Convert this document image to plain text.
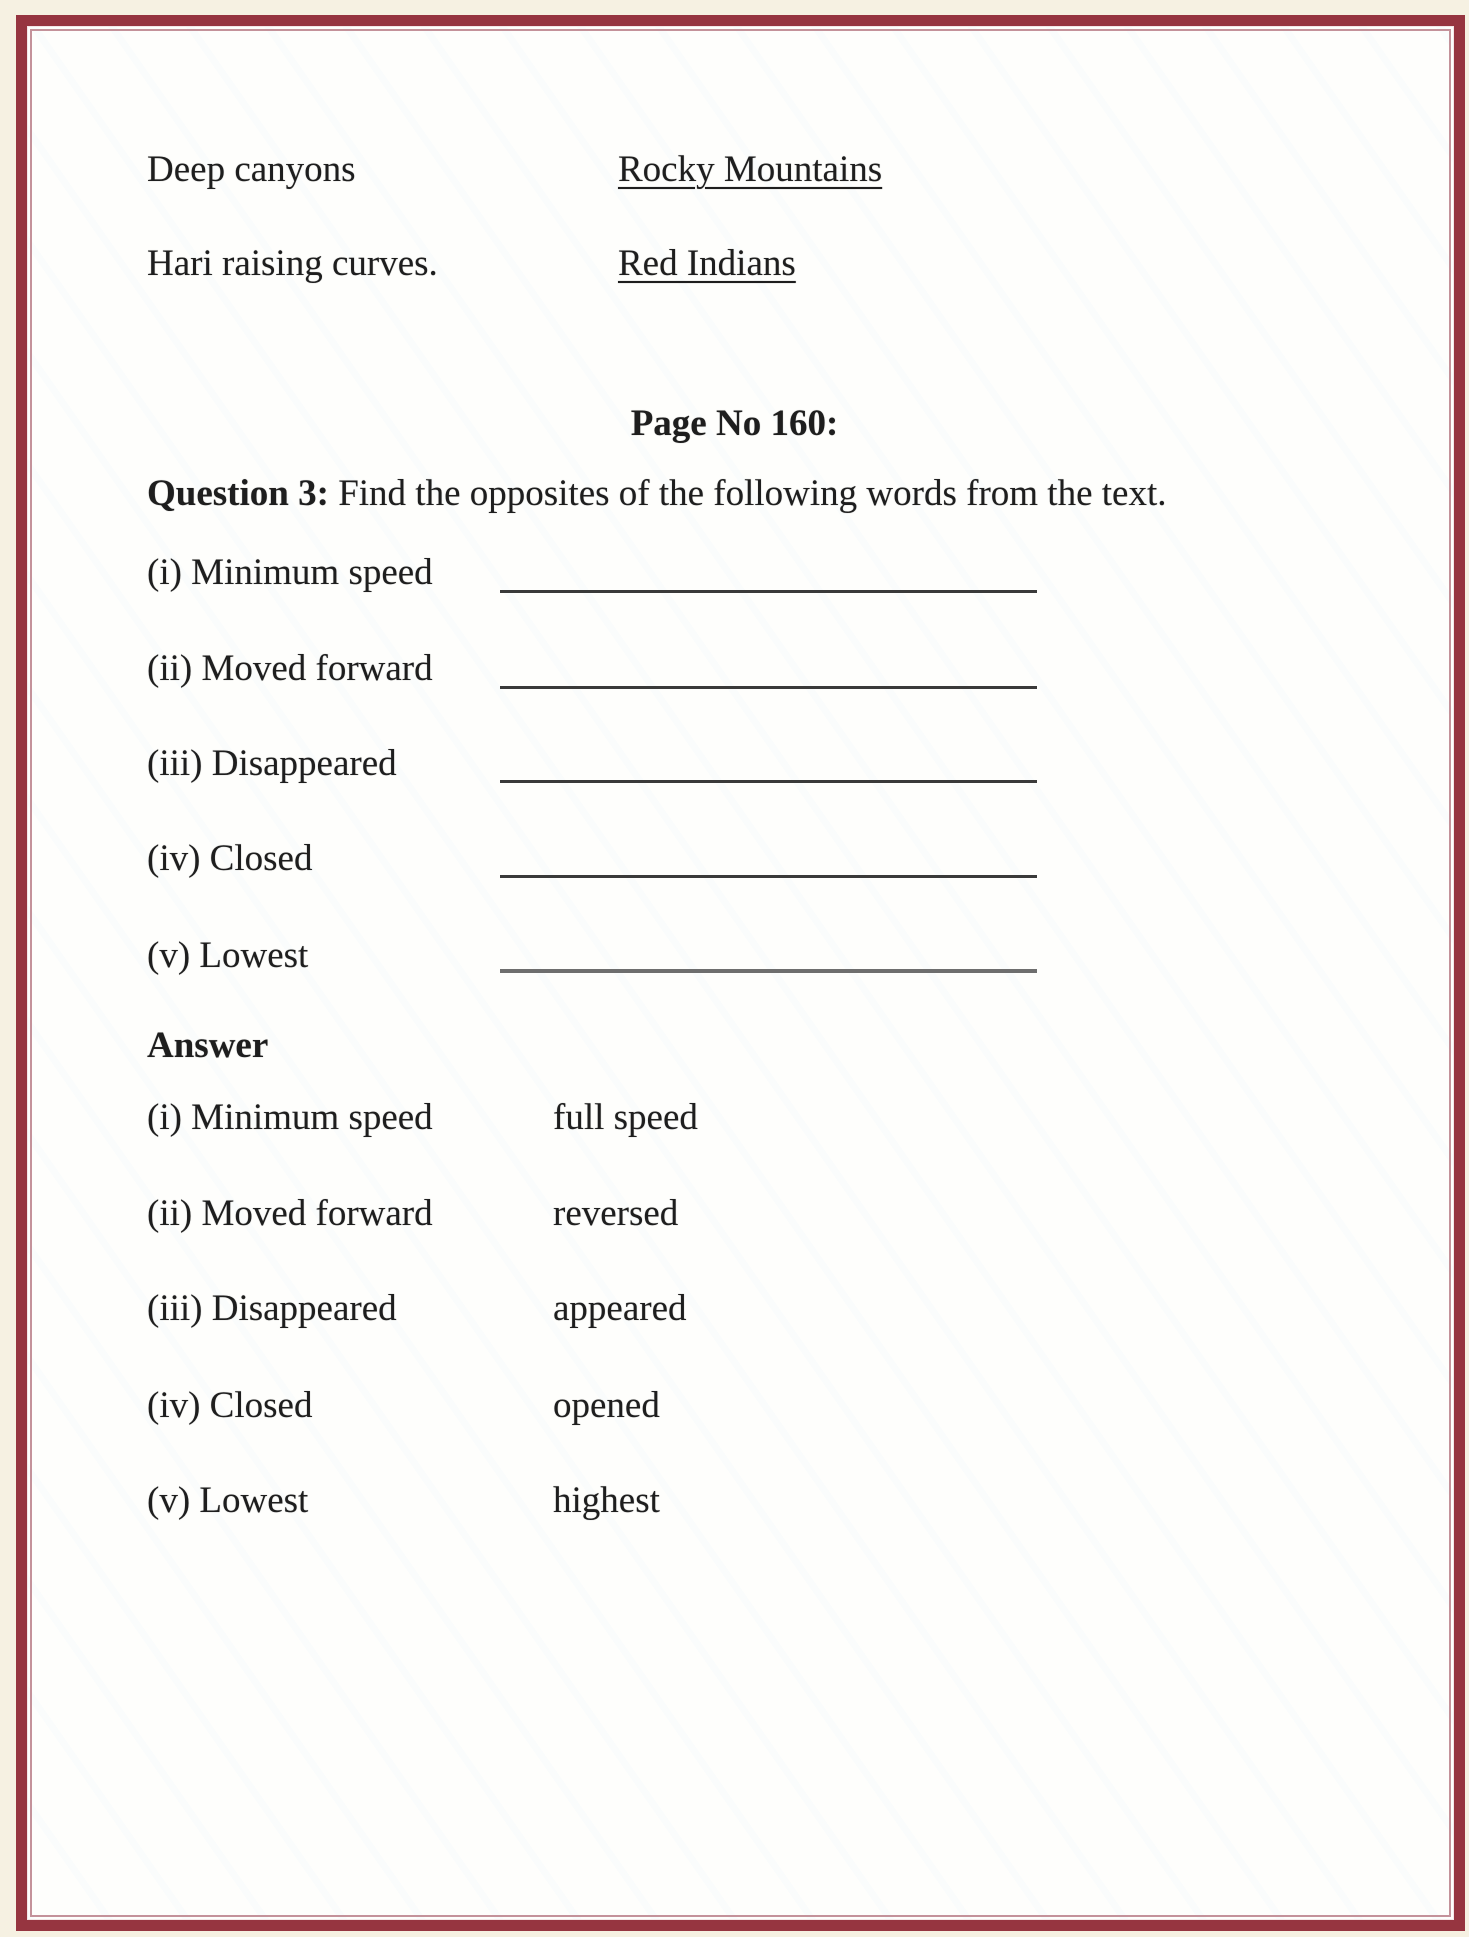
Deep canyons	Rocky Mountains
Hari raising curves.	Red Indians
Page No 160:
Question 3: Find the opposites of the following words from the text.
(i) Minimum speed
(ii) Moved forward
(iii) Disappeared
(iv) Closed
(v) Lowest
Answer
(i) Minimum speed	full speed
(ii) Moved forward	reversed
(iii) Disappeared	appeared
(iv) Closed	opened
(v) Lowest	highest
